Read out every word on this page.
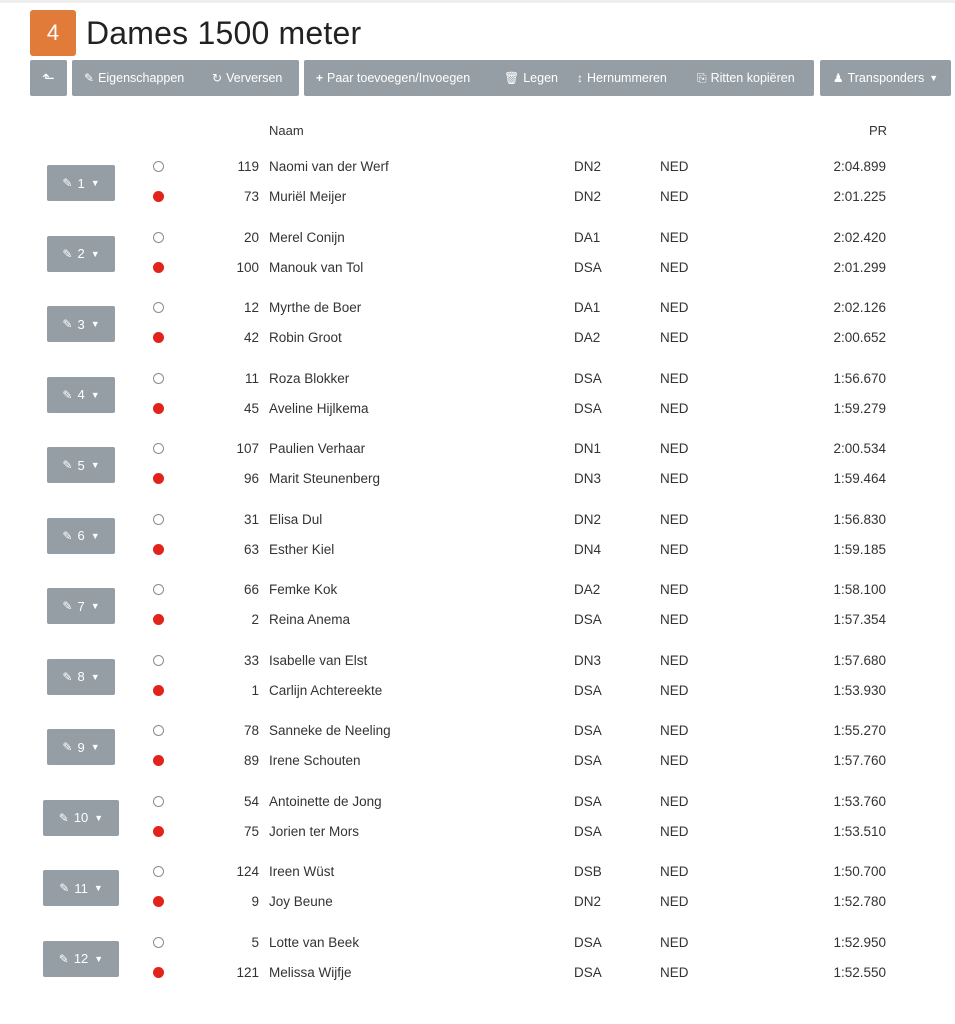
4 Dames 1500 meter
⬑ ✎ Eigenschappen ↻ Verversen	+ Paar toevoegen/Invoegen	🗑 Legen ↕ Hernummeren	⎘ Ritten kopiëren	♟ Transponders ▼
Naam	PR
✎ 1 ▼
119 Naomi van der Werf	DN2	NED	2:04.899
73 Muriël Meijer	DN2	NED	2:01.225
✎ 2 ▼
20 Merel Conijn	DA1	NED	2:02.420
100 Manouk van Tol	DSA	NED	2:01.299
✎ 3 ▼
12 Myrthe de Boer	DA1	NED	2:02.126
42 Robin Groot	DA2	NED	2:00.652
✎ 4 ▼
11 Roza Blokker	DSA	NED	1:56.670
45 Aveline Hijlkema	DSA	NED	1:59.279
✎ 5 ▼
107 Paulien Verhaar	DN1	NED	2:00.534
96 Marit Steunenberg	DN3	NED	1:59.464
✎ 6 ▼
31 Elisa Dul	DN2	NED	1:56.830
63 Esther Kiel	DN4	NED	1:59.185
✎ 7 ▼
66 Femke Kok	DA2	NED	1:58.100
2 Reina Anema	DSA	NED	1:57.354
✎ 8 ▼
33 Isabelle van Elst	DN3	NED	1:57.680
1 Carlijn Achtereekte	DSA	NED	1:53.930
✎ 9 ▼
78 Sanneke de Neeling	DSA	NED	1:55.270
89 Irene Schouten	DSA	NED	1:57.760
✎ 10 ▼
54 Antoinette de Jong	DSA	NED	1:53.760
75 Jorien ter Mors	DSA	NED	1:53.510
✎ 11 ▼
124 Ireen Wüst	DSB	NED	1:50.700
9 Joy Beune	DN2	NED	1:52.780
✎ 12 ▼
5 Lotte van Beek	DSA	NED	1:52.950
121 Melissa Wijfje	DSA	NED	1:52.550
